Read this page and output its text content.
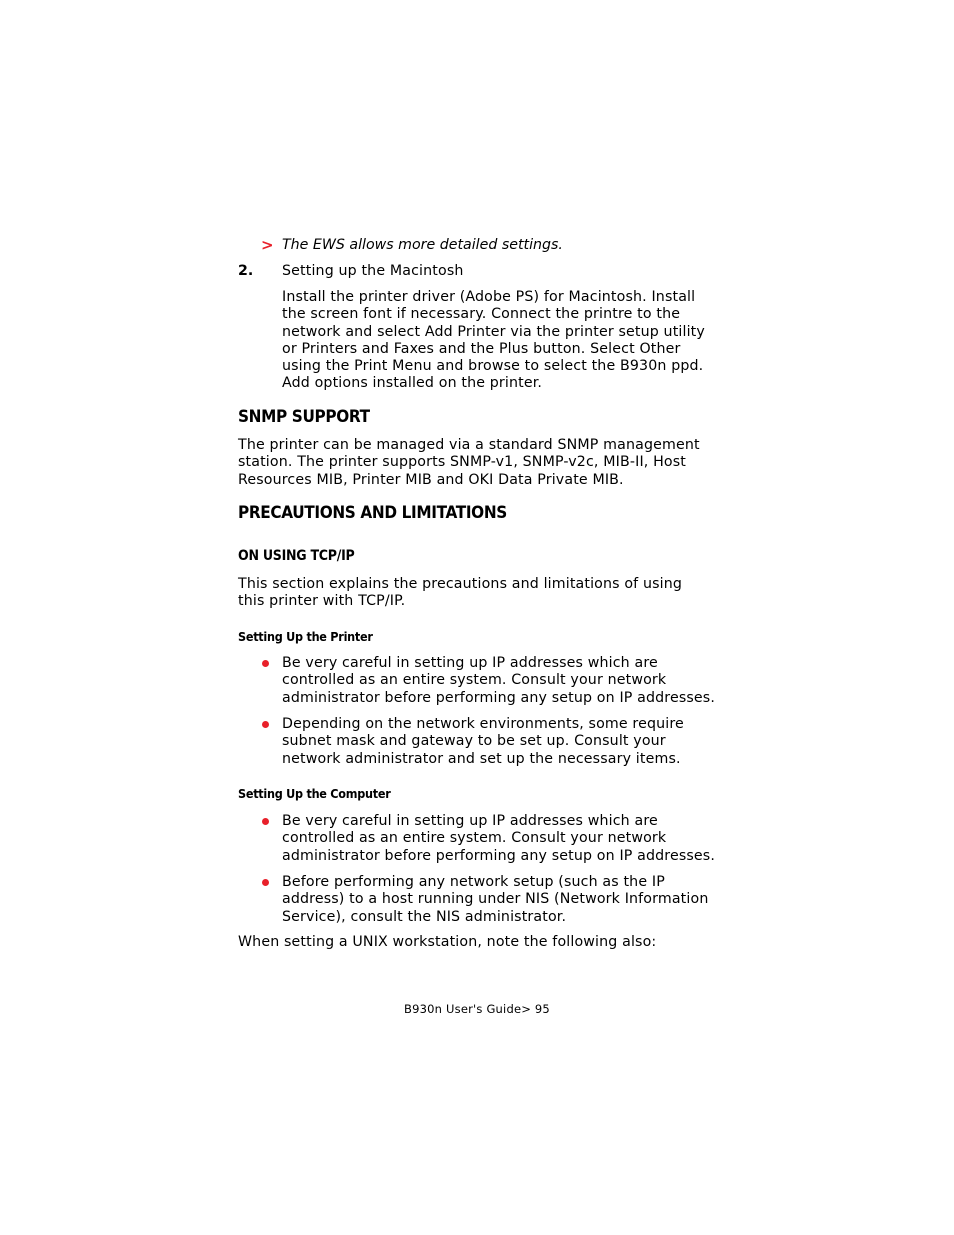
> The EWS allows more detailed settings.
2. Setting up the Macintosh

Install the printer driver (Adobe PS) for Macintosh. Install the screen font if necessary. Connect the printre to the network and select Add Printer via the printer setup utility or Printers and Faxes and the Plus button. Select Other using the Print Menu and browse to select the B930n ppd. Add options installed on the printer.

SNMP SUPPORT

The printer can be managed via a standard SNMP management station. The printer supports SNMP-v1, SNMP-v2c, MIB-II, Host Resources MIB, Printer MIB and OKI Data Private MIB.

PRECAUTIONS AND LIMITATIONS
ON USING TCP/IP

This section explains the precautions and limitations of using this printer with TCP/IP.

Setting Up the Printer

Be very careful in setting up IP addresses which are controlled as an entire system. Consult your network administrator before performing any setup on IP addresses.

Depending on the network environments, some require subnet mask and gateway to be set up. Consult your network administrator and set up the necessary items.

Setting Up the Computer

Be very careful in setting up IP addresses which are controlled as an entire system. Consult your network administrator before performing any setup on IP addresses.

Before performing any network setup (such as the IP address) to a host running under NIS (Network Information Service), consult the NIS administrator.

When setting a UNIX workstation, note the following also:

B930n User's Guide> 95
